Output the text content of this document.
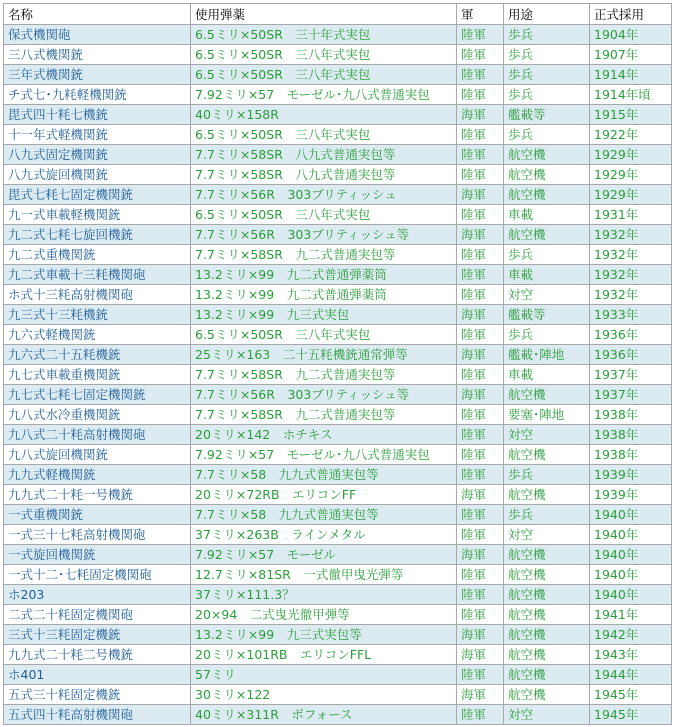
名称	使用弾薬	軍	用途	正式採用
保式機関砲	6.5ミリ×50SR　三十年式実包	陸軍	歩兵	1904年
三八式機関銃	6.5ミリ×50SR　三八年式実包	陸軍	歩兵	1907年
三年式機関銃	6.5ミリ×50SR　三八年式実包	陸軍	歩兵	1914年
チ式七･九粍軽機関銃	7.92ミリ×57　モーゼル･九八式普通実包	陸軍	歩兵	1914年頃
毘式四十粍七機銃	40ミリ×158R	海軍	艦載等	1915年
十一年式軽機関銃	6.5ミリ×50SR　三八年式実包	陸軍	歩兵	1922年
八九式固定機関銃	7.7ミリ×58SR　八九式普通実包等	陸軍	航空機	1929年
八九式旋回機関銃	7.7ミリ×58SR　八九式普通実包等	陸軍	航空機	1929年
毘式七粍七固定機関銃	7.7ミリ×56R　303ブリティッシュ	海軍	航空機	1929年
九一式車載軽機関銃	6.5ミリ×50SR　三八年式実包	陸軍	車載	1931年
九二式七粍七旋回機銃	7.7ミリ×56R　303ブリティッシュ等	海軍	航空機	1932年
九二式重機関銃	7.7ミリ×58SR　九二式普通実包等	陸軍	歩兵	1932年
九二式車載十三粍機関砲	13.2ミリ×99　九二式普通弾薬筒	陸軍	車載	1932年
ホ式十三粍高射機関砲	13.2ミリ×99　九二式普通弾薬筒	陸軍	対空	1932年
九三式十三粍機銃	13.2ミリ×99　九三式実包	海軍	艦載等	1933年
九六式軽機関銃	6.5ミリ×50SR　三八年式実包	陸軍	歩兵	1936年
九六式二十五粍機銃	25ミリ×163　二十五粍機銃通常弾等	海軍	艦載･陣地	1936年
九七式車載重機関銃	7.7ミリ×58SR　九二式普通実包等	陸軍	車載	1937年
九七式七粍七固定機関銃	7.7ミリ×56R　303ブリティッシュ等	海軍	航空機	1937年
九八式水冷重機関銃	7.7ミリ×58SR　九二式普通実包等	陸軍	要塞･陣地	1938年
九八式二十粍高射機関砲	20ミリ×142　ホチキス	陸軍	対空	1938年
九八式旋回機関銃	7.92ミリ×57　モーゼル･九八式普通実包	陸軍	航空機	1938年
九九式軽機関銃	7.7ミリ×58　九九式普通実包等	陸軍	歩兵	1939年
九九式二十粍一号機銃	20ミリ×72RB　エリコンFF	海軍	航空機	1939年
一式重機関銃	7.7ミリ×58　九九式普通実包等	陸軍	歩兵	1940年
一式三十七粍高射機関砲	37ミリ×263B　ラインメタル	陸軍	対空	1940年
一式旋回機関銃	7.92ミリ×57　モーゼル	海軍	航空機	1940年
一式十二･七粍固定機関砲	12.7ミリ×81SR　一式徹甲曳光弾等	陸軍	航空機	1940年
ホ203	37ミリ×111.3？	陸軍	航空機	1940年
二式二十粍固定機関砲	20×94　二式曳光徹甲弾等	陸軍	航空機	1941年
三式十三粍固定機銃	13.2ミリ×99　九三式実包等	海軍	航空機	1942年
九九式二十粍二号機銃	20ミリ×101RB　エリコンFFL	海軍	航空機	1943年
ホ401	57ミリ	陸軍	航空機	1944年
五式三十粍固定機銃	30ミリ×122	海軍	航空機	1945年
五式四十粍高射機関砲	40ミリ×311R　ボフォース	陸軍	対空	1945年
